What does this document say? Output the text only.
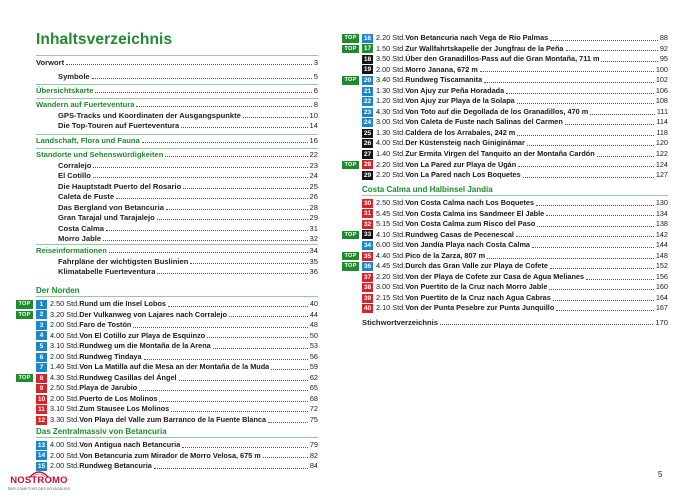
Inhaltsverzeichnis
Vorwort	3
Symbole	5
Übersichtskarte	6
Wandern auf Fuerteventura	8
GPS-Tracks und Koordinaten der Ausgangspunkte	10
Die Top-Touren auf Fuerteventura	14
Landschaft, Flora und Fauna	16
Standorte und Sehenswürdigkeiten	22
Corralejo	23
El Cotillo	24
Die Hauptstadt Puerto del Rosario	25
Caleta de Fuste	26
Das Bergland von Betancuria	28
Gran Tarajal und Tarajalejo	29
Costa Calma	31
Morro Jable	32
Reiseinformationen	34
Fahrpläne der wichtigsten Buslinien	35
Klimatabelle Fuerteventura	36
Der Norden
TOP	1 2.50 Std. Rund um die Insel Lobos	40
TOP	2 3.20 Std. Der Vulkanweg von Lajares nach Corralejo	44
3 2.00 Std. Faro de Tostón	48
4 4.00 Std. Von El Cotillo zur Playa de Esquinzo	50
5 3.10 Std. Rundweg um die Montaña de la Arena	53
6 2.00 Std. Rundweg Tindaya	56
7 1.40 Std. Von La Matilla auf die Mesa an der Montaña de la Muda	59
TOP	8 4.30 Std. Rundweg Casillas del Ángel	62
9 2.50 Std. Playa de Jarubio	65
10 2.00 Std. Puerto de Los Molinos	68
11 3.10 Std. Zum Stausee Los Molinos	72
12 3.30 Std. Von Playa del Valle zum Barranco de la Fuente Blanca	75
Das Zentralmassiv von Betancuria
13 4.00 Std. Von Antigua nach Betancuria	79
14 2.00 Std. Von Betancuria zum Mirador de Morro Velosa, 675 m	82
15 2.00 Std. Rundweg Betancuria	84
TOP	16 2.20 Std. Von Betancuria nach Vega de Río Palmas	88
TOP	17 1.50 Std. Zur Wallfahrtskapelle der Jungfrau de la Peña	92
18 3.50 Std. Über den Granadillos-Pass auf die Gran Montaña, 711 m	95
19 2.00 Std. Morro Janana, 672 m	100
TOP	20 3.40 Std. Rundweg Tiscamanita	102
21 1.30 Std. Von Ajuy zur Peña Horadada	106
22 1.20 Std. Von Ajuy zur Playa de la Solapa	108
23 4.30 Std. Von Toto auf die Degollada de los Granadillos, 470 m	111
24 3.00 Std. Von Caleta de Fuste nach Salinas del Carmen	114
25 1.30 Std. Caldera de los Arrabales, 242 m	118
26 4.00 Std. Der Küstensteig nach Giniginámar	120
27 1.40 Std. Zur Ermita Virgen del Tanquito an der Montaña Cardón	122
TOP	28 2.20 Std. Von La Pared zur Playa de Ugán	124
29 2.20 Std. Von La Pared nach Los Boquetes	127
Costa Calma und Halbinsel Jandía
30 2.50 Std. Von Costa Calma nach Los Boquetes	130
31 5.45 Std. Von Costa Calma ins Sandmeer El Jable	134
32 5.15 Std. Von Costa Calma zum Risco del Paso	138
TOP	33 4.10 Std. Rundweg Casas de Pecenescal	142
34 6.00 Std. Von Jandía Playa nach Costa Calma	144
TOP	35 4.40 Std. Pico de la Zarza, 807 m	148
TOP	36 4.45 Std. Durch das Gran Valle zur Playa de Cofete	152
37 2.20 Std. Von der Playa de Cofete zur Casa de Agua Melianes	156
38 3.00 Std. Von Puertito de la Cruz nach Morro Jable	160
39 2.15 Std. Von Puertito de la Cruz nach Agua Cabras	164
40 2.10 Std. Von der Punta Pesebre zur Punta Junquillo	167
Stichwortverzeichnis	170
5
NOSTROMO
DER COMPTOIR DES VOYAGEURS
